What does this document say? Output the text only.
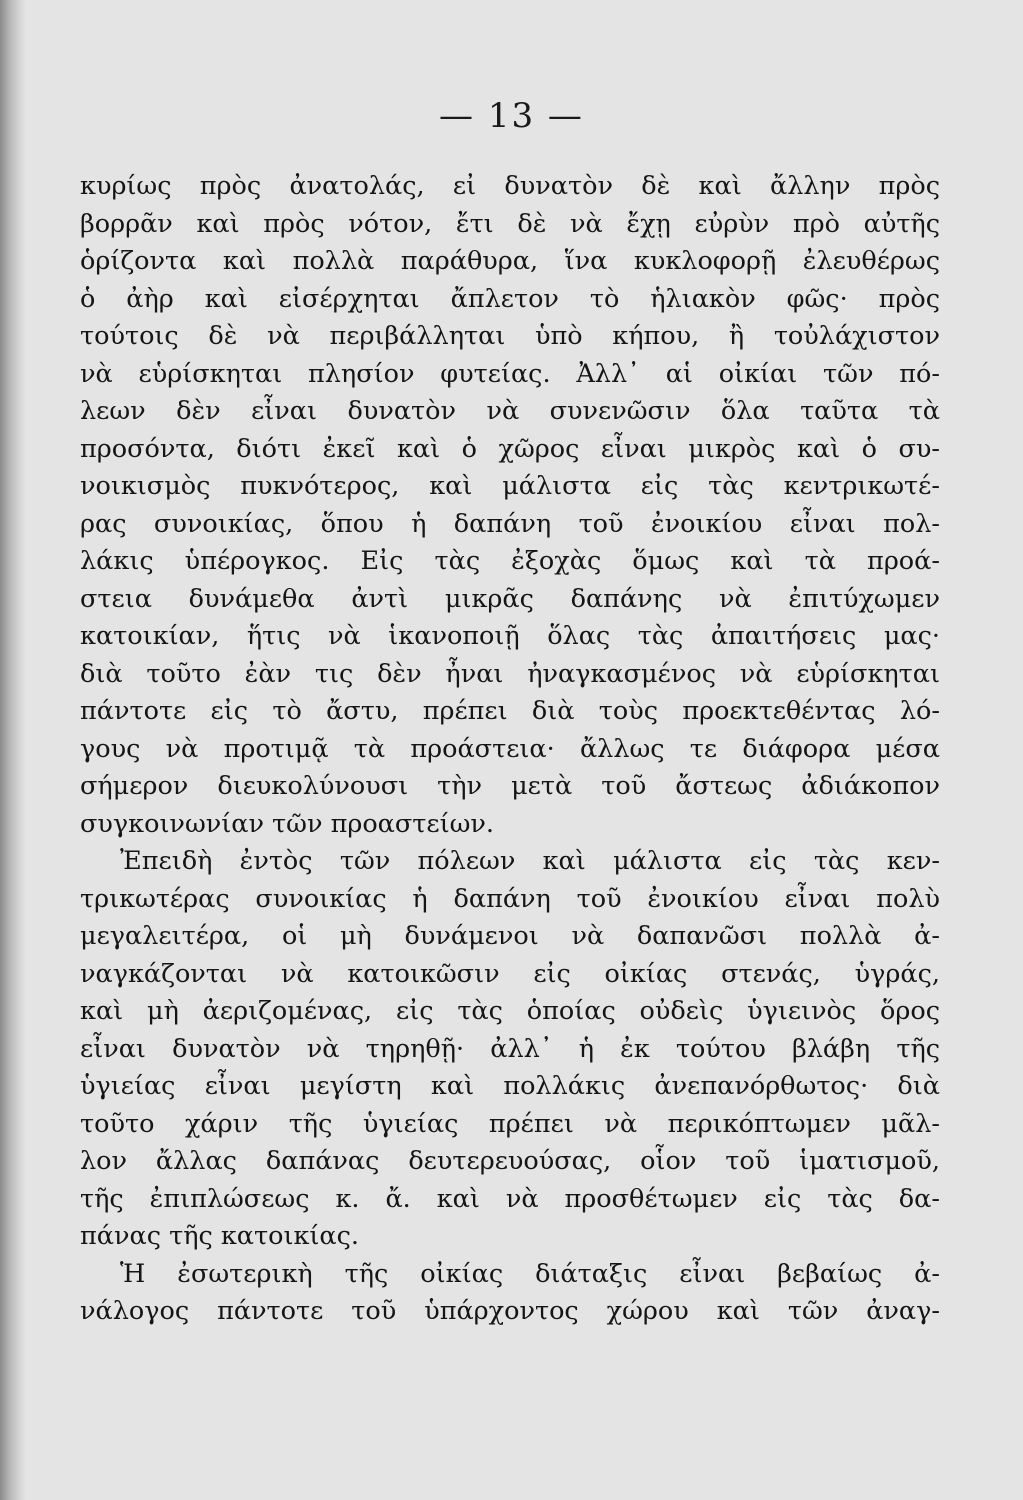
— 13 —
κυρίως πρὸς ἀνατολάς, εἰ δυνατὸν δὲ καὶ ἄλλην πρὸς
βορρᾶν καὶ πρὸς νότον, ἔτι δὲ νὰ ἔχῃ εὐρὺν πρὸ αὐτῆς
ὁρίζοντα καὶ πολλὰ παράθυρα, ἵνα κυκλοφορῇ ἐλευθέρως
ὁ ἀὴρ καὶ εἰσέρχηται ἄπλετον τὸ ἡλιακὸν φῶς· πρὸς
τούτοις δὲ νὰ περιβάλληται ὑπὸ κήπου, ἢ τοὐλάχιστον
νὰ εὑρίσκηται πλησίον φυτείας. Ἀλλ᾿ αἱ οἰκίαι τῶν πό-
λεων δὲν εἶναι δυνατὸν νὰ συνενῶσιν ὅλα ταῦτα τὰ
προσόντα, διότι ἐκεῖ καὶ ὁ χῶρος εἶναι μικρὸς καὶ ὁ συ-
νοικισμὸς πυκνότερος, καὶ μάλιστα εἰς τὰς κεντρικωτέ-
ρας συνοικίας, ὅπου ἡ δαπάνη τοῦ ἐνοικίου εἶναι πολ-
λάκις ὑπέρογκος. Εἰς τὰς ἐξοχὰς ὅμως καὶ τὰ προά-
στεια δυνάμεθα ἀντὶ μικρᾶς δαπάνης νὰ ἐπιτύχωμεν
κατοικίαν, ἥτις νὰ ἱκανοποιῇ ὅλας τὰς ἀπαιτήσεις μας·
διὰ τοῦτο ἐὰν τις δὲν ἦναι ἠναγκασμένος νὰ εὑρίσκηται
πάντοτε εἰς τὸ ἄστυ, πρέπει διὰ τοὺς προεκτεθέντας λό-
γους νὰ προτιμᾷ τὰ προάστεια· ἄλλως τε διάφορα μέσα
σήμερον διευκολύνουσι τὴν μετὰ τοῦ ἄστεως ἀδιάκοπον
συγκοινωνίαν τῶν προαστείων.
Ἐπειδὴ ἐντὸς τῶν πόλεων καὶ μάλιστα εἰς τὰς κεν-
τρικωτέρας συνοικίας ἡ δαπάνη τοῦ ἐνοικίου εἶναι πολὺ
μεγαλειτέρα, οἱ μὴ δυνάμενοι νὰ δαπανῶσι πολλὰ ἀ-
ναγκάζονται νὰ κατοικῶσιν εἰς οἰκίας στενάς, ὑγράς,
καὶ μὴ ἀεριζομένας, εἰς τὰς ὁποίας οὐδεὶς ὑγιεινὸς ὅρος
εἶναι δυνατὸν νὰ τηρηθῇ· ἀλλ᾿ ἡ ἐκ τούτου βλάβη τῆς
ὑγιείας εἶναι μεγίστη καὶ πολλάκις ἀνεπανόρθωτος· διὰ
τοῦτο χάριν τῆς ὑγιείας πρέπει νὰ περικόπτωμεν μᾶλ-
λον ἄλλας δαπάνας δευτερευούσας, οἷον τοῦ ἱματισμοῦ,
τῆς ἐπιπλώσεως κ. ἄ. καὶ νὰ προσθέτωμεν εἰς τὰς δα-
πάνας τῆς κατοικίας.
Ἡ ἐσωτερικὴ τῆς οἰκίας διάταξις εἶναι βεβαίως ἀ-
νάλογος πάντοτε τοῦ ὑπάρχοντος χώρου καὶ τῶν ἀναγ-
